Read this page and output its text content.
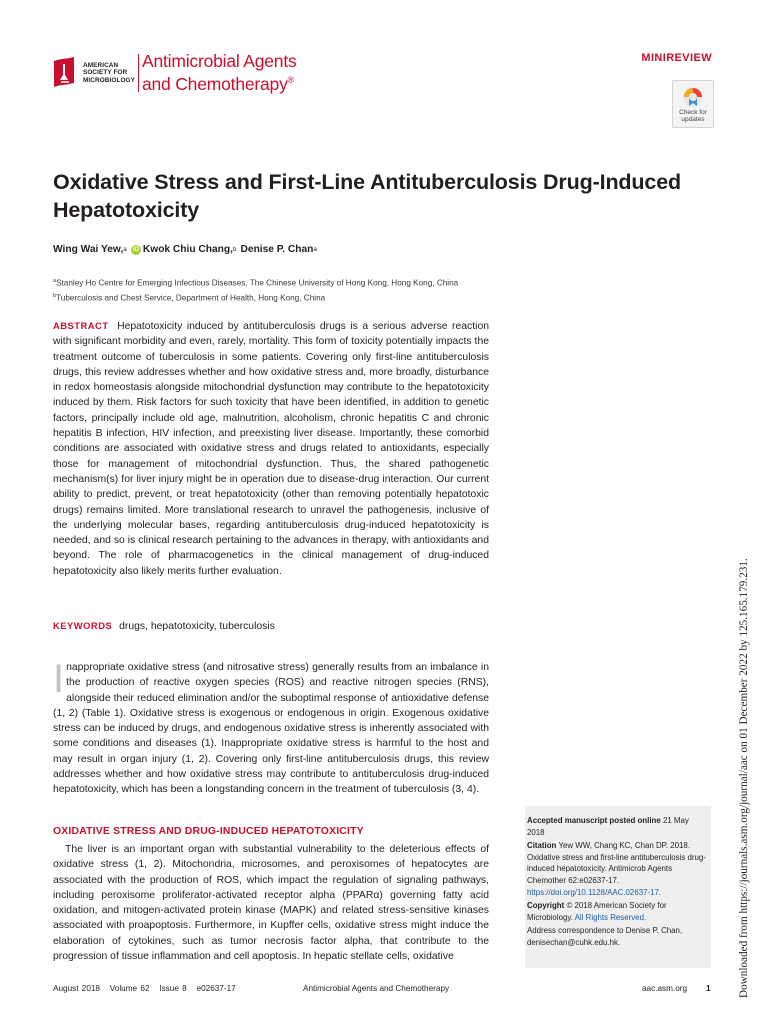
AMERICAN
SOCIETY FOR
MICROBIOLOGY
Antimicrobial Agents
and Chemotherapy®
MINIREVIEW
Check for
updates
Oxidative Stress and First-Line Antituberculosis Drug-Induced Hepatotoxicity
Wing Wai Yew, a	iD Kwok Chiu Chang, b Denise P. Chan a
$^a$Stanley Ho Centre for Emerging Infectious Diseases, The Chinese University of Hong Kong, Hong Kong, China
$^b$Tuberculosis and Chest Service, Department of Health, Hong Kong, China
ABSTRACT Hepatotoxicity induced by antituberculosis drugs is a serious adverse reaction with significant morbidity and even, rarely, mortality. This form of toxicity potentially impacts the treatment outcome of tuberculosis in some patients. Covering only first-line antituberculosis drugs, this review addresses whether and how oxidative stress and, more broadly, disturbance in redox homeostasis alongside mitochondrial dysfunction may contribute to the hepatotoxicity induced by them. Risk factors for such toxicity that have been identified, in addition to genetic factors, principally include old age, malnutrition, alcoholism, chronic hepatitis C and chronic hepatitis B infection, HIV infection, and preexisting liver disease. Importantly, these comorbid conditions are associated with oxidative stress and drugs related to antioxidants, especially those for management of mitochondrial dysfunction. Thus, the shared pathogenetic mechanism(s) for liver injury might be in operation due to disease-drug interaction. Our current ability to predict, prevent, or treat hepatotoxicity (other than removing potentially hepatotoxic drugs) remains limited. More translational research to unravel the pathogenesis, inclusive of the underlying molecular bases, regarding antituberculosis drug-induced hepatotoxicity is needed, and so is clinical research pertaining to the advances in therapy, with antioxidants and beyond. The role of pharmacogenetics in the clinical management of drug-induced hepatotoxicity also likely merits further evaluation.
KEYWORDS drugs, hepatotoxicity, tuberculosis
I nappropriate oxidative stress (and nitrosative stress) generally results from an imbalance in the production of reactive oxygen species (ROS) and reactive nitrogen species (RNS), alongside their reduced elimination and/or the suboptimal response of antioxidative defense (1, 2) (Table 1). Oxidative stress is exogenous or endogenous in origin. Exogenous oxidative stress can be induced by drugs, and endogenous oxidative stress is inherently associated with some conditions and diseases (1). Inappropriate oxidative stress is harmful to the host and may result in organ injury (1, 2). Covering only first-line antituberculosis drugs, this review addresses whether and how oxidative stress may contribute to antituberculosis drug-induced hepatotoxicity, which has been a longstanding concern in the treatment of tuberculosis (3, 4).
OXIDATIVE STRESS AND DRUG-INDUCED HEPATOTOXICITY
The liver is an important organ with substantial vulnerability to the deleterious effects of oxidative stress (1, 2). Mitochondria, microsomes, and peroxisomes of hepatocytes are associated with the production of ROS, which impact the regulation of signaling pathways, including peroxisome proliferator-activated receptor alpha (PPARα) governing fatty acid oxidation, and mitogen-activated protein kinase (MAPK) and related stress-sensitive kinases associated with proapoptosis. Furthermore, in Kupffer cells, oxidative stress might induce the elaboration of cytokines, such as tumor necrosis factor alpha, that contribute to the progression of tissue inflammation and cell apoptosis. In hepatic stellate cells, oxidative
Accepted manuscript posted online 21 May 2018
Citation Yew WW, Chang KC, Chan DP. 2018. Oxidative stress and first-line antituberculosis drug-induced hepatotoxicity. Antimicrob Agents Chemother 62:e02637-17. https://doi.org/10.1128/AAC.02637-17.
Copyright © 2018 American Society for Microbiology. All Rights Reserved.
Address correspondence to Denise P. Chan, denisechan@cuhk.edu.hk.	Downloaded from https://journals.asm.org/journal/aac on 01 December 2022 by 125.165.179.231.
August 2018   Volume 62   Issue 8   e02637-17	Antimicrobial Agents and Chemotherapy	aac.asm.org 1
